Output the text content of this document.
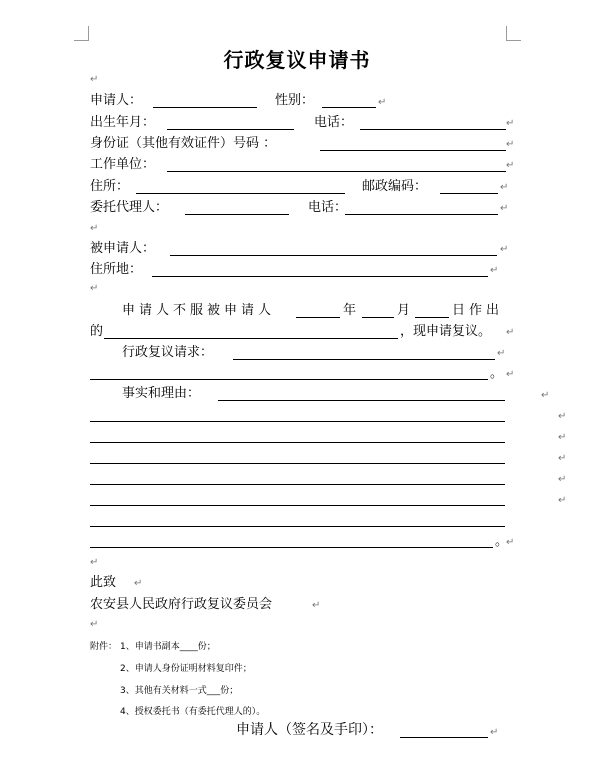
行政复议申请书
↵
申请人：	性别：
出生年月：	电话：
身份证（其他有效证件）号码 ：
工作单位：
住所：	邮政编码：
委托代理人：	电话：
↵
被申请人：
住所地：
↵
申请人不服被申请人	年	月	日作出
的	，现申请复议。
行政复议请求：
。
事实和理由：
。
↵
此致
农安县人民政府行政复议委员会
↵
附件： 1、申请书副本____份；
2、申请人身份证明材料复印件；
3、其他有关材料一式___份；
4、授权委托书（有委托代理人的）。
申请人（签名及手印）：
↵
↵
↵
↵
↵
↵
↵
↵
↵
↵
↵
↵
↵
↵
↵
↵
↵
↵
↵
↵
↵
